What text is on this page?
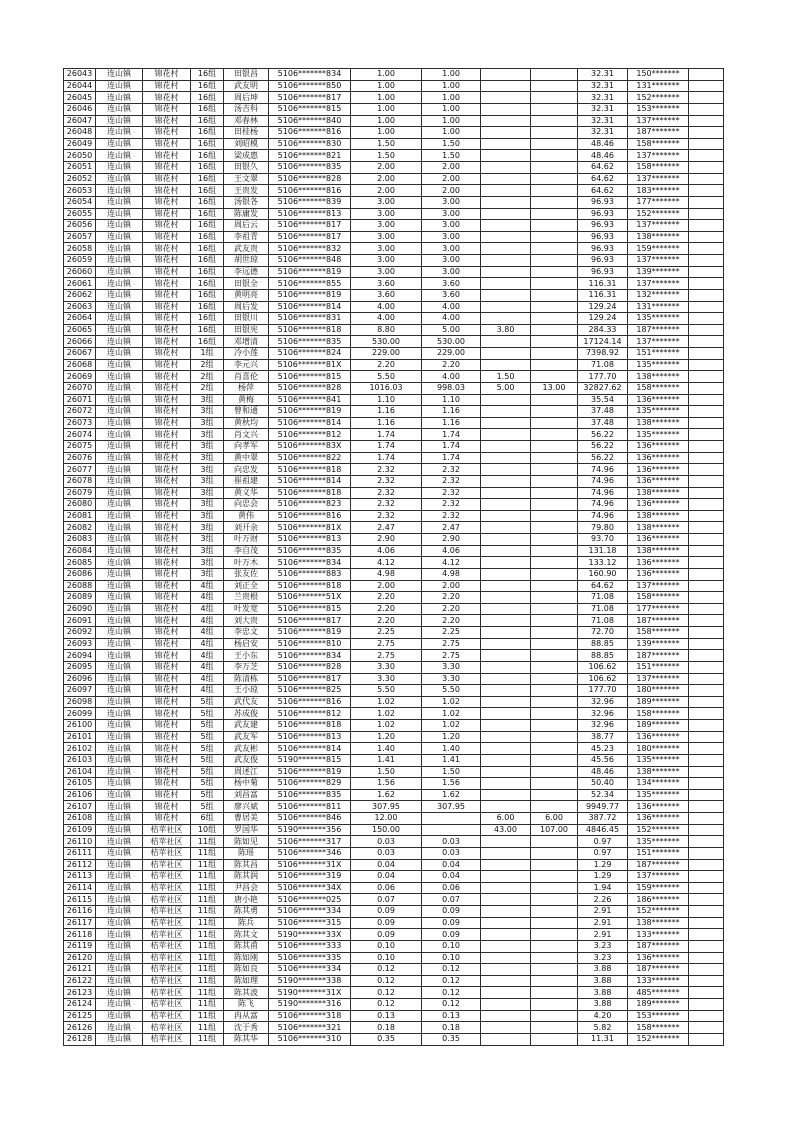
26043	连山镇	锦花村	16组	田银昌	5106*******834	1.00	1.00			32.31	150*******	
26044	连山镇	锦花村	16组	武友明	5106*******850	1.00	1.00			32.31	131*******	
26045	连山镇	锦花村	16组	周后坤	5106*******817	1.00	1.00			32.31	152*******	
26046	连山镇	锦花村	16组	汤吉科	5106*******815	1.00	1.00			32.31	153*******	
26047	连山镇	锦花村	16组	邓春林	5106*******840	1.00	1.00			32.31	137*******	
26048	连山镇	锦花村	16组	田桂杨	5106*******816	1.00	1.00			32.31	187*******	
26049	连山镇	锦花村	16组	刘昭模	5106*******830	1.50	1.50			48.46	158*******	
26050	连山镇	锦花村	16组	梁成惠	5106*******821	1.50	1.50			48.46	137*******	
26051	连山镇	锦花村	16组	田银久	5106*******835	2.00	2.00			64.62	158*******	
26052	连山镇	锦花村	16组	王文翠	5106*******828	2.00	2.00			64.62	137*******	
26053	连山镇	锦花村	16组	王贵发	5106*******816	2.00	2.00			64.62	183*******	
26054	连山镇	锦花村	16组	汤银各	5106*******839	3.00	3.00			96.93	177*******	
26055	连山镇	锦花村	16组	陈庸发	5106*******813	3.00	3.00			96.93	152*******	
26056	连山镇	锦花村	16组	周后云	5106*******817	3.00	3.00			96.93	137*******	
26057	连山镇	锦花村	16组	李祖青	5106*******817	3.00	3.00			96.93	138*******	
26058	连山镇	锦花村	16组	武友贵	5106*******832	3.00	3.00			96.93	159*******	
26059	连山镇	锦花村	16组	胡世琼	5106*******848	3.00	3.00			96.93	137*******	
26060	连山镇	锦花村	16组	李远德	5106*******819	3.00	3.00			96.93	139*******	
26061	连山镇	锦花村	16组	田银全	5106*******855	3.60	3.60			116.31	137*******	
26062	连山镇	锦花村	16组	黄明亮	5106*******819	3.60	3.60			116.31	132*******	
26063	连山镇	锦花村	16组	周后发	5106*******814	4.00	4.00			129.24	131*******	
26064	连山镇	锦花村	16组	田银川	5106*******831	4.00	4.00			129.24	135*******	
26065	连山镇	锦花村	16组	田银宪	5106*******818	8.80	5.00	3.80		284.33	187*******	
26066	连山镇	锦花村	16组	邓增清	5106*******835	530.00	530.00			17124.14	137*******	
26067	连山镇	锦花村	1组	冷小莲	5106*******824	229.00	229.00			7398.92	151*******	
26068	连山镇	锦花村	2组	李元兴	5106*******81X	2.20	2.20			71.08	135*******	
26069	连山镇	锦花村	2组	肖喜伦	5106*******815	5.50	4.00	1.50		177.70	138*******	
26070	连山镇	锦花村	2组	杨萍	5106*******828	1016.03	998.03	5.00	13.00	32827.62	158*******	
26071	连山镇	锦花村	3组	黄梅	5106*******841	1.10	1.10			35.54	136*******	
26072	连山镇	锦花村	3组	曾和通	5106*******819	1.16	1.16			37.48	135*******	
26073	连山镇	锦花村	3组	黄秋均	5106*******814	1.16	1.16			37.48	138*******	
26074	连山镇	锦花村	3组	肖文兴	5106*******812	1.74	1.74			56.22	135*******	
26075	连山镇	锦花村	3组	向孝军	5106*******83X	1.74	1.74			56.22	136*******	
26076	连山镇	锦花村	3组	黄中翠	5106*******822	1.74	1.74			56.22	136*******	
26077	连山镇	锦花村	3组	向忠发	5106*******818	2.32	2.32			74.96	136*******	
26078	连山镇	锦花村	3组	崔祖建	5106*******814	2.32	2.32			74.96	136*******	
26079	连山镇	锦花村	3组	黄义华	5106*******818	2.32	2.32			74.96	138*******	
26080	连山镇	锦花村	3组	向忠会	5106*******823	2.32	2.32			74.96	136*******	
26081	连山镇	锦花村	3组	黄伟	5106*******816	2.32	2.32			74.96	138*******	
26082	连山镇	锦花村	3组	刘开余	5106*******81X	2.47	2.47			79.80	138*******	
26083	连山镇	锦花村	3组	叶万财	5106*******813	2.90	2.90			93.70	136*******	
26084	连山镇	锦花村	3组	李自茂	5106*******835	4.06	4.06			131.18	138*******	
26085	连山镇	锦花村	3组	叶万木	5106*******834	4.12	4.12			133.12	136*******	
26086	连山镇	锦花村	3组	张友佐	5106*******883	4.98	4.98			160.90	136*******	
26088	连山镇	锦花村	4组	刘正全	5106*******818	2.00	2.00			64.62	137*******	
26089	连山镇	锦花村	4组	兰贵根	5106*******51X	2.20	2.20			71.08	158*******	
26090	连山镇	锦花村	4组	叶发宽	5106*******815	2.20	2.20			71.08	177*******	
26091	连山镇	锦花村	4组	刘大贵	5106*******817	2.20	2.20			71.08	187*******	
26092	连山镇	锦花村	4组	李忠文	5106*******819	2.25	2.25			72.70	158*******	
26093	连山镇	锦花村	4组	杨启安	5106*******810	2.75	2.75			88.85	139*******	
26094	连山镇	锦花村	4组	王小东	5106*******834	2.75	2.75			88.85	187*******	
26095	连山镇	锦花村	4组	李万芝	5106*******828	3.30	3.30			106.62	151*******	
26096	连山镇	锦花村	4组	陈清栋	5106*******817	3.30	3.30			106.62	137*******	
26097	连山镇	锦花村	4组	王小琼	5106*******825	5.50	5.50			177.70	180*******	
26098	连山镇	锦花村	5组	武代友	5106*******816	1.02	1.02			32.96	189*******	
26099	连山镇	锦花村	5组	苏成俊	5106*******812	1.02	1.02			32.96	158*******	
26100	连山镇	锦花村	5组	武友建	5106*******818	1.02	1.02			32.96	189*******	
26101	连山镇	锦花村	5组	武友军	5106*******813	1.20	1.20			38.77	136*******	
26102	连山镇	锦花村	5组	武友彬	5106*******814	1.40	1.40			45.23	180*******	
26103	连山镇	锦花村	5组	武友俊	5190*******815	1.41	1.41			45.56	135*******	
26104	连山镇	锦花村	5组	周述江	5106*******819	1.50	1.50			48.46	138*******	
26105	连山镇	锦花村	5组	杨中菊	5106*******829	1.56	1.56			50.40	134*******	
26106	连山镇	锦花村	5组	刘昌富	5106*******835	1.62	1.62			52.34	135*******	
26107	连山镇	锦花村	5组	廖兴斌	5106*******811	307.95	307.95			9949.77	136*******	
26108	连山镇	锦花村	6组	曹居美	5106*******846	12.00		6.00	6.00	387.72	136*******	
26109	连山镇	桔苹社区	10组	罗国华	5190*******356	150.00		43.00	107.00	4846.45	152*******	
26110	连山镇	桔苹社区	11组	陈如见	5106*******317	0.03	0.03			0.97	135*******	
26111	连山镇	桔苹社区	11组	陈瑶	5106*******346	0.03	0.03			0.97	151*******	
26112	连山镇	桔苹社区	11组	陈其昌	5106*******31X	0.04	0.04			1.29	187*******	
26113	连山镇	桔苹社区	11组	陈其润	5106*******319	0.04	0.04			1.29	137*******	
26114	连山镇	桔苹社区	11组	尹昌会	5106*******34X	0.06	0.06			1.94	159*******	
26115	连山镇	桔苹社区	11组	唐小艳	5106*******025	0.07	0.07			2.26	186*******	
26116	连山镇	桔苹社区	11组	陈其勇	5106*******334	0.09	0.09			2.91	152*******	
26117	连山镇	桔苹社区	11组	陈兵	5106*******315	0.09	0.09			2.91	138*******	
26118	连山镇	桔苹社区	11组	陈其文	5190*******33X	0.09	0.09			2.91	133*******	
26119	连山镇	桔苹社区	11组	陈其甫	5106*******333	0.10	0.10			3.23	187*******	
26120	连山镇	桔苹社区	11组	陈如刚	5106*******335	0.10	0.10			3.23	136*******	
26121	连山镇	桔苹社区	11组	陈如良	5106*******334	0.12	0.12			3.88	187*******	
26122	连山镇	桔苹社区	11组	陈如理	5190*******338	0.12	0.12			3.88	133*******	
26123	连山镇	桔苹社区	11组	陈其波	5190*******31X	0.12	0.12			3.88	485*******	
26124	连山镇	桔苹社区	11组	陈飞	5190*******316	0.12	0.12			3.88	189*******	
26125	连山镇	桔苹社区	11组	冉从富	5106*******318	0.13	0.13			4.20	153*******	
26126	连山镇	桔苹社区	11组	沈于秀	5106*******321	0.18	0.18			5.82	158*******	
26128	连山镇	桔苹社区	11组	陈其华	5106*******310	0.35	0.35			11.31	152*******	
